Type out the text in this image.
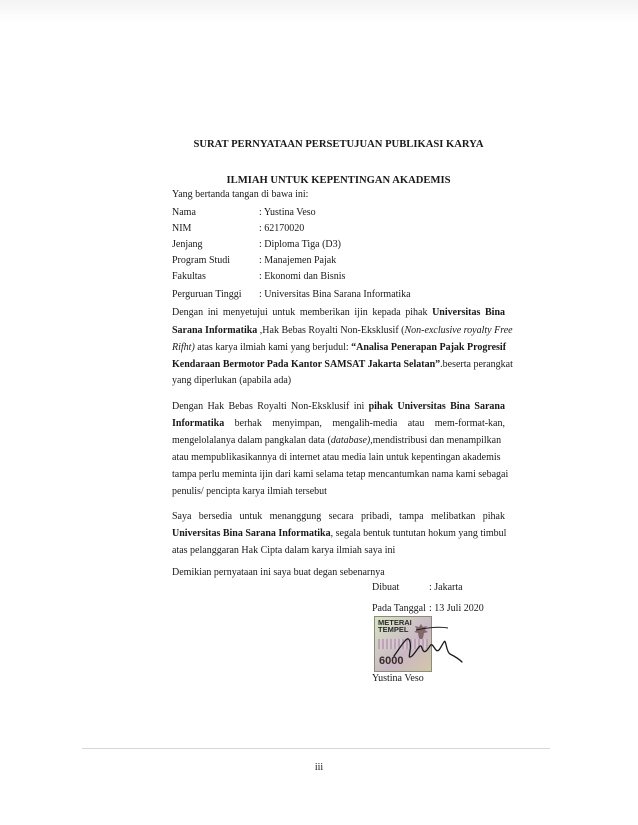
SURAT PERNYATAAN PERSETUJUAN PUBLIKASI KARYA
ILMIAH UNTUK KEPENTINGAN AKADEMIS
Yang bertanda tangan di bawa ini:
Nama	: Yustina Veso
NIM	: 62170020
Jenjang	: Diploma Tiga (D3)
Program Studi	: Manajemen Pajak
Fakultas	: Ekonomi dan Bisnis
Perguruan Tinggi : Universitas Bina Sarana Informatika
Dengan ini menyetujui untuk memberikan ijin kepada pihak Universitas Bina
Sarana Informatika ,Hak Bebas Royalti Non-Eksklusif (Non-exclusive royalty Free
Rifht) atas karya ilmiah kami yang berjudul: “Analisa Penerapan Pajak Progresif
Kendaraan Bermotor Pada Kantor SAMSAT Jakarta Selatan”.beserta perangkat
yang diperlukan (apabila ada)
Dengan Hak Bebas Royalti Non-Eksklusif ini pihak Universitas Bina Sarana
Informatika berhak menyimpan, mengalih-media atau mem-format-kan,
mengelolalanya dalam pangkalan data (database),mendistribusi dan menampilkan
atau mempublikasikannya di internet atau media lain untuk kepentingan akademis
tampa perlu meminta ijin dari kami selama tetap mencantumkan nama kami sebagai
penulis/ pencipta karya ilmiah tersebut
Saya bersedia untuk menanggung secara pribadi, tampa melibatkan pihak
Universitas Bina Sarana Informatika, segala bentuk tuntutan hokum yang timbul
atas pelanggaran Hak Cipta dalam karya ilmiah saya ini
Demikian pernyataan ini saya buat degan sebenarnya
Dibuat	: Jakarta
Pada Tanggal : 13 Juli 2020
METERAI
TEMPEL
6000
Yustina Veso
iii
